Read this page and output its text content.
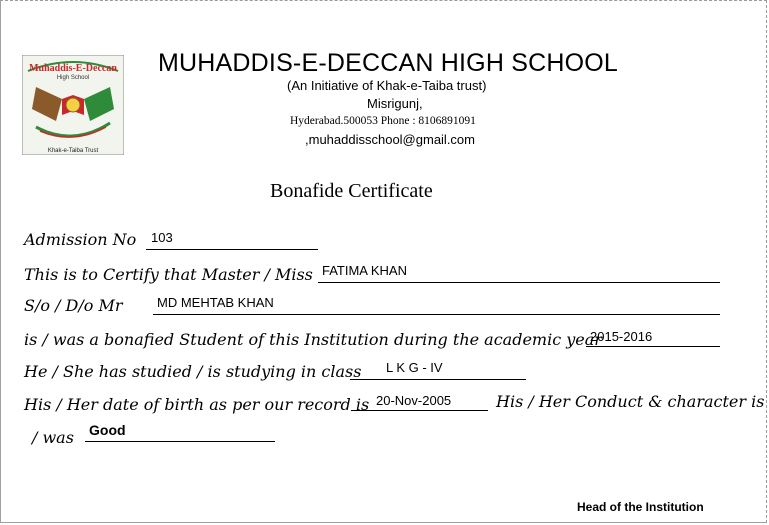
Muhaddis-E-Deccan
High School
Khak-e-Taiba Trust
MUHADDIS-E-DECCAN HIGH SCHOOL
(An Initiative of Khak-e-Taiba trust)
Misrigunj,
Hyderabad.500053 Phone : 8106891091
,muhaddisschool@gmail.com
Bonafide Certificate
Admission No 103
This is to Certify that Master / Miss FATIMA KHAN
S/o / D/o Mr	MD MEHTAB KHAN
is / was a bonafied Student of this Institution during the academic year
2015-2016
He / She has studied / is studying in class L K G - IV
His / Her date of birth as per our record is 20-Nov-2005	His / Her Conduct & character is
/ was Good
Head of the Institution
